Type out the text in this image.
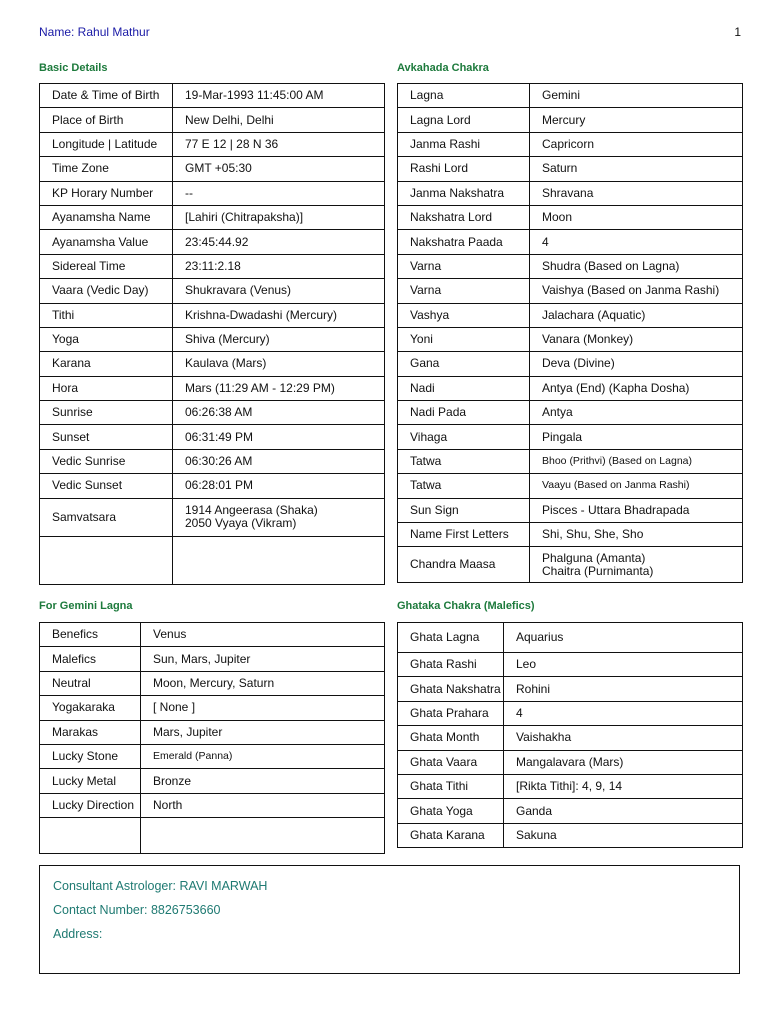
Name: Rahul Mathur	1
Basic Details	Avkahada Chakra
For Gemini Lagna	Ghataka Chakra (Malefics)
Date & Time of Birth	19-Mar-1993 11:45:00 AM
Place of Birth	New Delhi, Delhi
Longitude | Latitude	77 E 12 | 28 N 36
Time Zone	GMT +05:30
KP Horary Number	--
Ayanamsha Name	[Lahiri (Chitrapaksha)]
Ayanamsha Value	23:45:44.92
Sidereal Time	23:11:2.18
Vaara (Vedic Day)	Shukravara (Venus)
Tithi	Krishna-Dwadashi (Mercury)
Yoga	Shiva (Mercury)
Karana	Kaulava (Mars)
Hora	Mars (11:29 AM - 12:29 PM)
Sunrise	06:26:38 AM
Sunset	06:31:49 PM
Vedic Sunrise	06:30:26 AM
Vedic Sunset	06:28:01 PM
Samvatsara	1914 Angeerasa (Shaka)
2050 Vyaya (Vikram)

Lagna	Gemini
Lagna Lord	Mercury
Janma Rashi	Capricorn
Rashi Lord	Saturn
Janma Nakshatra	Shravana
Nakshatra Lord	Moon
Nakshatra Paada	4
Varna	Shudra (Based on Lagna)
Varna	Vaishya (Based on Janma Rashi)
Vashya	Jalachara (Aquatic)
Yoni	Vanara (Monkey)
Gana	Deva (Divine)
Nadi	Antya (End) (Kapha Dosha)
Nadi Pada	Antya
Vihaga	Pingala
Tatwa	Bhoo (Prithvi) (Based on Lagna)
Tatwa	Vaayu (Based on Janma Rashi)
Sun Sign	Pisces - Uttara Bhadrapada
Name First Letters	Shi, Shu, She, Sho
Chandra Maasa	Phalguna (Amanta)
Chaitra (Purnimanta)
Benefics	Venus
Malefics	Sun, Mars, Jupiter
Neutral	Moon, Mercury, Saturn
Yogakaraka	[ None ]
Marakas	Mars, Jupiter
Lucky Stone	Emerald (Panna)
Lucky Metal	Bronze
Lucky Direction	North

Ghata Lagna	Aquarius
Ghata Rashi	Leo
Ghata Nakshatra	Rohini
Ghata Prahara	4
Ghata Month	Vaishakha
Ghata Vaara	Mangalavara (Mars)
Ghata Tithi	[Rikta Tithi]: 4, 9, 14
Ghata Yoga	Ganda
Ghata Karana	Sakuna
Consultant Astrologer: RAVI MARWAH
Contact Number: 8826753660
Address:
